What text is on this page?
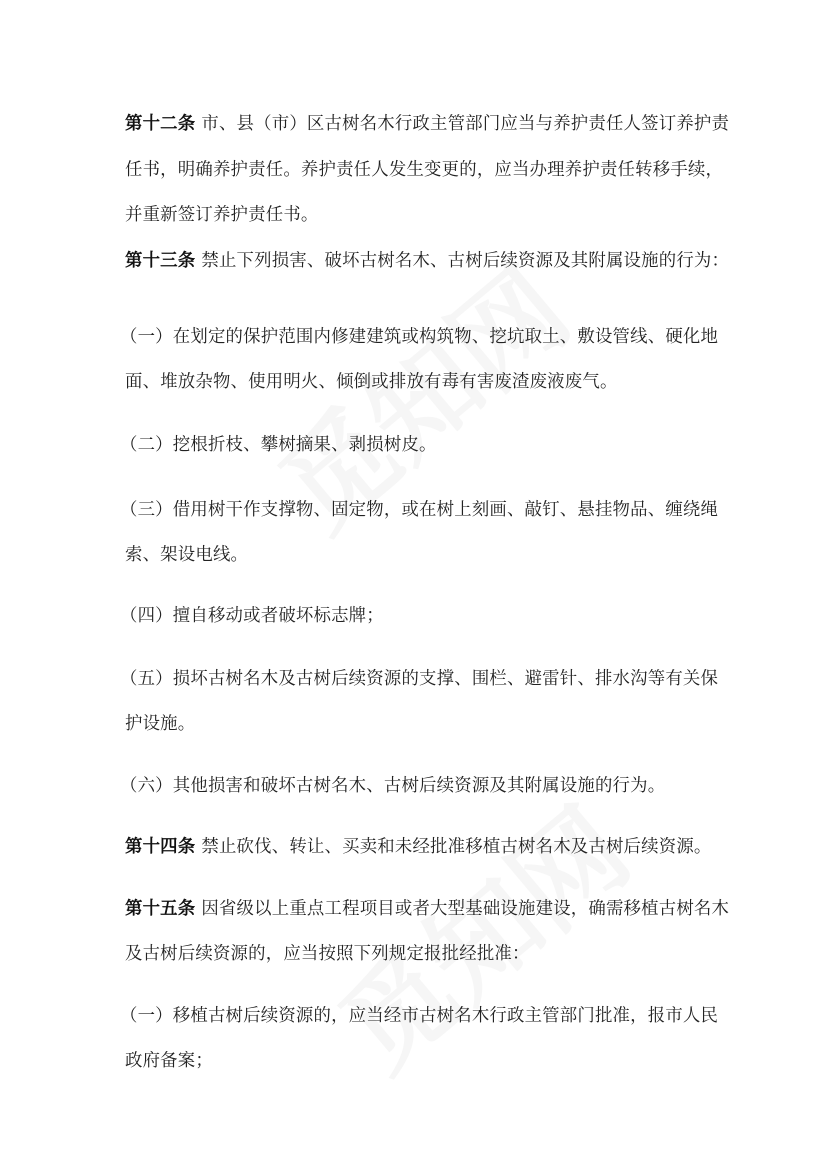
第十二条 市、县（市）区古树名木行政主管部门应当与养护责任人签订养护责
任书，明确养护责任。养护责任人发生变更的，应当办理养护责任转移手续，
并重新签订养护责任书。
第十三条 禁止下列损害、破坏古树名木、古树后续资源及其附属设施的行为：
（一）在划定的保护范围内修建建筑或构筑物、挖坑取土、敷设管线、硬化地
面、堆放杂物、使用明火、倾倒或排放有毒有害废渣废液废气。
（二）挖根折枝、攀树摘果、剥损树皮。
（三）借用树干作支撑物、固定物，或在树上刻画、敲钉、悬挂物品、缠绕绳
索、架设电线。
（四）擅自移动或者破坏标志牌；
（五）损坏古树名木及古树后续资源的支撑、围栏、避雷针、排水沟等有关保
护设施。
（六）其他损害和破坏古树名木、古树后续资源及其附属设施的行为。
第十四条 禁止砍伐、转让、买卖和未经批准移植古树名木及古树后续资源。
第十五条 因省级以上重点工程项目或者大型基础设施建设，确需移植古树名木
及古树后续资源的，应当按照下列规定报批经批准：
（一）移植古树后续资源的，应当经市古树名木行政主管部门批准，报市人民
政府备案；
